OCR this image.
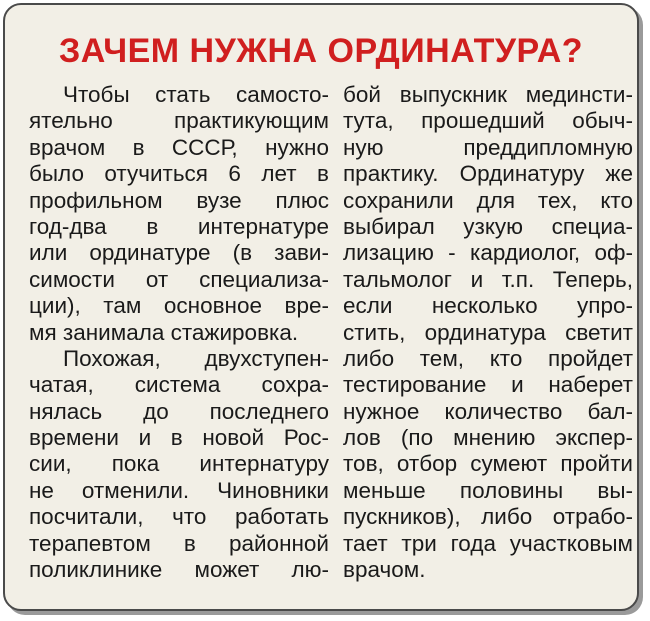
ЗАЧЕМ НУЖНА ОРДИНАТУРА?
Чтобы стать самосто-
ятельно практикующим
врачом в СССР, нужно
было отучиться 6 лет в
профильном вузе плюс
год-два в интернатуре
или ординатуре (в зави-
симости от специализа-
ции), там основное вре-
мя занимала стажировка.
Похожая, двухступен-
чатая, система сохра-
нялась до последнего
времени и в новой Рос-
сии, пока интернатуру
не отменили. Чиновники
посчитали, что работать
терапевтом в районной
поликлинике может лю-
бой выпускник мединсти-
тута, прошедший обыч-
ную преддипломную
практику. Ординатуру же
сохранили для тех, кто
выбирал узкую специа-
лизацию - кардиолог, оф-
тальмолог и т.п. Теперь,
если несколько упро-
стить, ординатура светит
либо тем, кто пройдет
тестирование и наберет
нужное количество бал-
лов (по мнению экспер-
тов, отбор сумеют пройти
меньше половины вы-
пускников), либо отрабо-
тает три года участковым
врачом.
